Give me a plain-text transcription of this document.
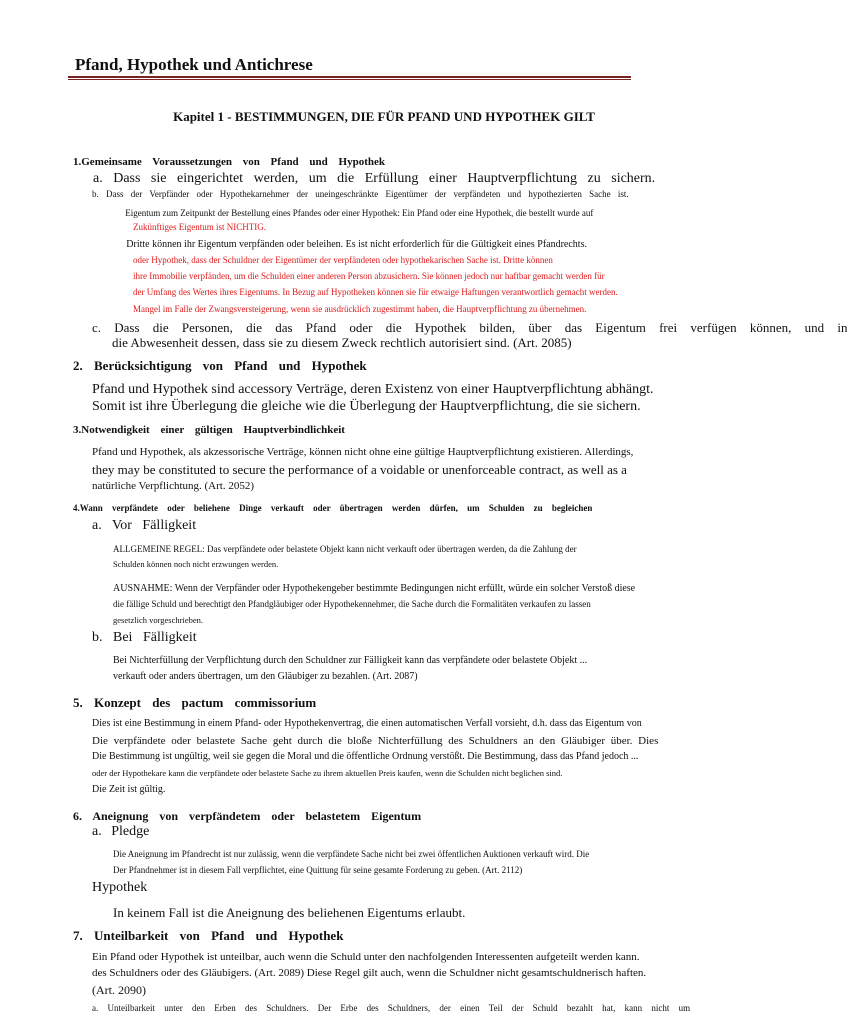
Pfand, Hypothek und Antichrese
Kapitel 1 - BESTIMMUNGEN, DIE FÜR PFAND UND HYPOTHEK GILT
1.Gemeinsame Voraussetzungen von Pfand und Hypothek
a. Dass sie eingerichtet werden, um die Erfüllung einer Hauptverpflichtung zu sichern.
b. Dass der Verpfänder oder Hypothekarnehmer der uneingeschränkte Eigentümer der verpfändeten und hypothezierten Sache ist.
Eigentum zum Zeitpunkt der Bestellung eines Pfandes oder einer Hypothek: Ein Pfand oder eine Hypothek, die bestellt wurde auf
Zukünftiges Eigentum ist NICHTIG.
Dritte können ihr Eigentum verpfänden oder beleihen. Es ist nicht erforderlich für die Gültigkeit eines Pfandrechts.
oder Hypothek, dass der Schuldner der Eigentümer der verpfändeten oder hypothekarischen Sache ist. Dritte können
ihre Immobilie verpfänden, um die Schulden einer anderen Person abzusichern. Sie können jedoch nur haftbar gemacht werden für
der Umfang des Wertes ihres Eigentums. In Bezug auf Hypotheken können sie für etwaige Haftungen verantwortlich gemacht werden.
Mangel im Falle der Zwangsversteigerung, wenn sie ausdrücklich zugestimmt haben, die Hauptverpflichtung zu übernehmen.
c. Dass die Personen, die das Pfand oder die Hypothek bilden, über das Eigentum frei verfügen können, und in
die Abwesenheit dessen, dass sie zu diesem Zweck rechtlich autorisiert sind. (Art. 2085)
2. Berücksichtigung von Pfand und Hypothek
Pfand und Hypothek sind accessory Verträge, deren Existenz von einer Hauptverpflichtung abhängt.
Somit ist ihre Überlegung die gleiche wie die Überlegung der Hauptverpflichtung, die sie sichern.
3.Notwendigkeit einer gültigen Hauptverbindlichkeit
Pfand und Hypothek, als akzessorische Verträge, können nicht ohne eine gültige Hauptverpflichtung existieren. Allerdings,
they may be constituted to secure the performance of a voidable or unenforceable contract, as well as a
natürliche Verpflichtung. (Art. 2052)
4.Wann verpfändete oder beliehene Dinge verkauft oder übertragen werden dürfen, um Schulden zu begleichen
a. Vor Fälligkeit
ALLGEMEINE REGEL: Das verpfändete oder belastete Objekt kann nicht verkauft oder übertragen werden, da die Zahlung der
Schulden können noch nicht erzwungen werden.
AUSNAHME: Wenn der Verpfänder oder Hypothekengeber bestimmte Bedingungen nicht erfüllt, würde ein solcher Verstoß diese
die fällige Schuld und berechtigt den Pfandgläubiger oder Hypothekennehmer, die Sache durch die Formalitäten verkaufen zu lassen
gesetzlich vorgeschrieben.
b. Bei Fälligkeit
Bei Nichterfüllung der Verpflichtung durch den Schuldner zur Fälligkeit kann das verpfändete oder belastete Objekt ...
verkauft oder anders übertragen, um den Gläubiger zu bezahlen. (Art. 2087)
5. Konzept des pactum commissorium
Dies ist eine Bestimmung in einem Pfand- oder Hypothekenvertrag, die einen automatischen Verfall vorsieht, d.h. dass das Eigentum von
Die verpfändete oder belastete Sache geht durch die bloße Nichterfüllung des Schuldners an den Gläubiger über. Dies
Die Bestimmung ist ungültig, weil sie gegen die Moral und die öffentliche Ordnung verstößt. Die Bestimmung, dass das Pfand jedoch ...
oder der Hypothekare kann die verpfändete oder belastete Sache zu ihrem aktuellen Preis kaufen, wenn die Schulden nicht beglichen sind.
Die Zeit ist gültig.
6. Aneignung von verpfändetem oder belastetem Eigentum
a. Pledge
Die Aneignung im Pfandrecht ist nur zulässig, wenn die verpfändete Sache nicht bei zwei öffentlichen Auktionen verkauft wird. Die
Der Pfandnehmer ist in diesem Fall verpflichtet, eine Quittung für seine gesamte Forderung zu geben. (Art. 2112)
Hypothek
In keinem Fall ist die Aneignung des beliehenen Eigentums erlaubt.
7. Unteilbarkeit von Pfand und Hypothek
Ein Pfand oder Hypothek ist unteilbar, auch wenn die Schuld unter den nachfolgenden Interessenten aufgeteilt werden kann.
des Schuldners oder des Gläubigers. (Art. 2089) Diese Regel gilt auch, wenn die Schuldner nicht gesamtschuldnerisch haften.
(Art. 2090)
a. Unteilbarkeit unter den Erben des Schuldners. Der Erbe des Schuldners, der einen Teil der Schuld bezahlt hat, kann nicht um
